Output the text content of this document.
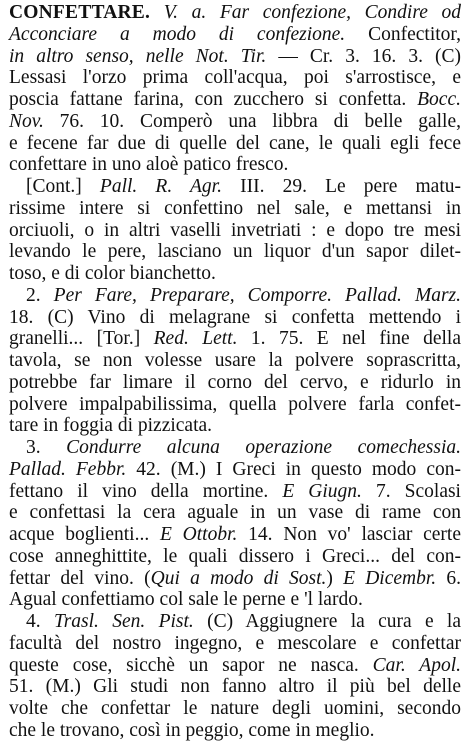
CONFETTARE. V. a. Far confezione, Condire od
Acconciare a modo di confezione. Confectitor,
in altro senso, nelle Not. Tir. — Cr. 3. 16. 3. (C)
Lessasi l'orzo prima coll'acqua, poi s'arrostisce, e
poscia fattane farina, con zucchero si confetta. Bocc.
Nov. 76. 10. Comperò una libbra di belle galle,
e fecene far due di quelle del cane, le quali egli fece
confettare in uno aloè patico fresco.
[Cont.] Pall. R. Agr. III. 29. Le pere matu-
rissime intere si confettino nel sale, e mettansi in
orciuoli, o in altri vaselli invetriati : e dopo tre mesi
levando le pere, lasciano un liquor d'un sapor dilet-
toso, e di color bianchetto.
2. Per Fare, Preparare, Comporre. Pallad. Marz.
18. (C) Vino di melagrane si confetta mettendo i
granelli... [Tor.] Red. Lett. 1. 75. E nel fine della
tavola, se non volesse usare la polvere soprascritta,
potrebbe far limare il corno del cervo, e ridurlo in
polvere impalpabilissima, quella polvere farla confet-
tare in foggia di pizzicata.
3. Condurre alcuna operazione comechessia.
Pallad. Febbr. 42. (M.) I Greci in questo modo con-
fettano il vino della mortine. E Giugn. 7. Scolasi
e confettasi la cera aguale in un vase di rame con
acque boglienti... E Ottobr. 14. Non vo' lasciar certe
cose anneghittite, le quali dissero i Greci... del con-
fettar del vino. (Qui a modo di Sost.) E Dicembr. 6.
Agual confettiamo col sale le perne e 'l lardo.
4. Trasl. Sen. Pist. (C) Aggiugnere la cura e la
facultà del nostro ingegno, e mescolare e confettar
queste cose, sicchè un sapor ne nasca. Car. Apol.
51. (M.) Gli studi non fanno altro il più bel delle
volte che confettar le nature degli uomini, secondo
che le trovano, così in peggio, come in meglio.
